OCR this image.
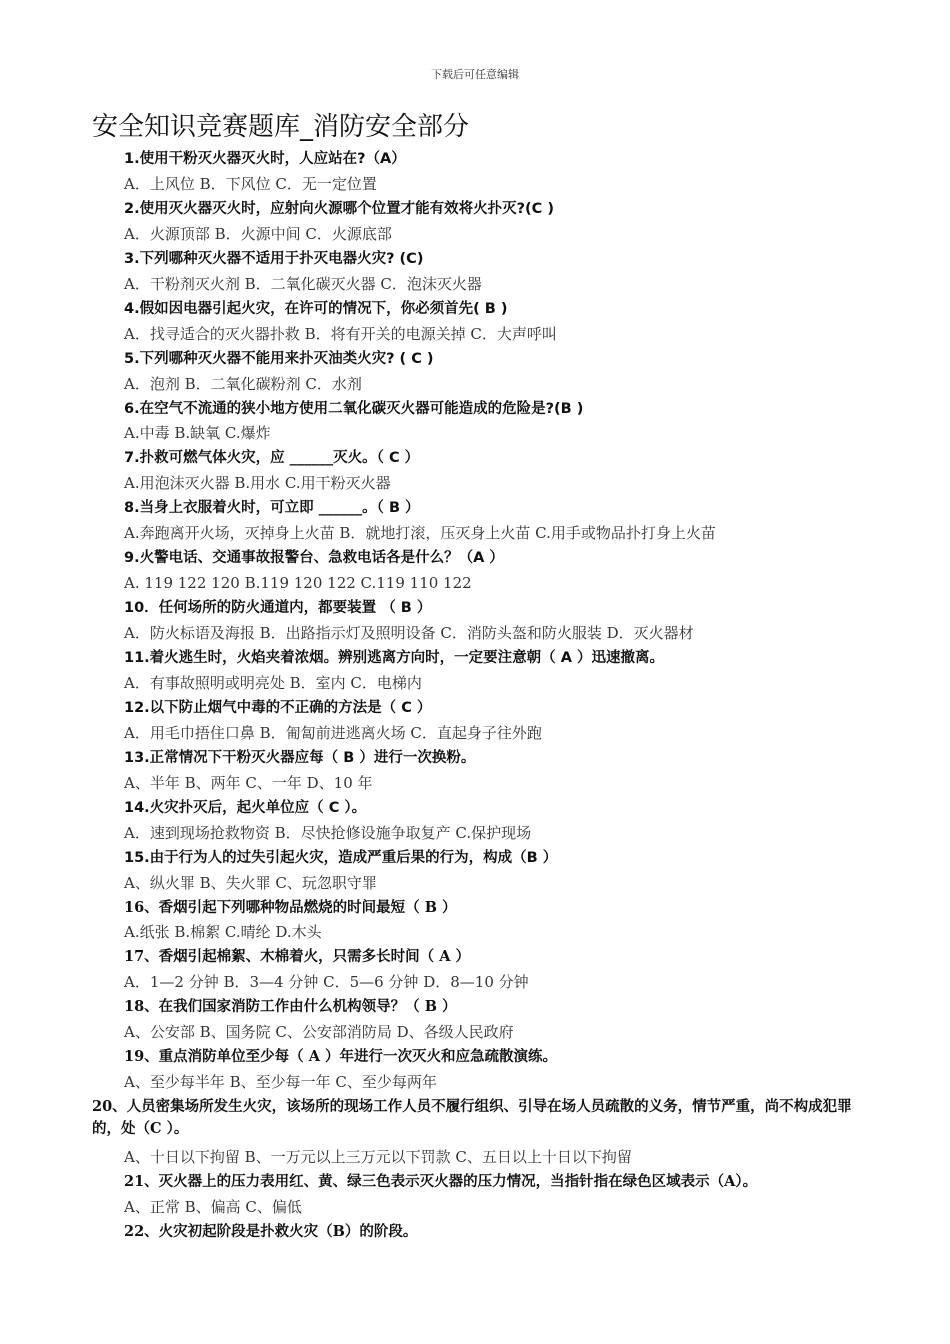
下载后可任意编辑
安全知识竞赛题库_消防安全部分
1.使用干粉灭火器灭火时，人应站在?（A）
A．上风位 B．下风位 C．无一定位置
2.使用灭火器灭火时，应射向火源哪个位置才能有效将火扑灭?(C )
A．火源顶部 B．火源中间 C．火源底部
3.下列哪种灭火器不适用于扑灭电器火灾? (C)
A．干粉剂灭火剂 B．二氧化碳灭火器 C．泡沫灭火器
4.假如因电器引起火灾，在许可的情况下，你必须首先( B )
A．找寻适合的灭火器扑救 B．将有开关的电源关掉 C．大声呼叫
5.下列哪种灭火器不能用来扑灭油类火灾? ( C )
A．泡剂 B．二氧化碳粉剂 C．水剂
6.在空气不流通的狭小地方使用二氧化碳灭火器可能造成的危险是?(B )
A.中毒 B.缺氧 C.爆炸
7.扑救可燃气体火灾，应 ______灭火。（ C ）
A.用泡沫灭火器 B.用水 C.用干粉灭火器
8.当身上衣服着火时，可立即 ______。（ B ）
A.奔跑离开火场，灭掉身上火苗 B．就地打滚，压灭身上火苗 C.用手或物品扑打身上火苗
9.火警电话、交通事故报警台、急救电话各是什么？（A ）
A. 119 122 120 B.119 120 122 C.119 110 122
10．任何场所的防火通道内，都要装置 （ B ）
A．防火标语及海报 B．出路指示灯及照明设备 C．消防头盔和防火服装 D．灭火器材
11.着火逃生时，火焰夹着浓烟。辨别逃离方向时，一定要注意朝（ A ）迅速撤离。
A．有事故照明或明亮处 B．室内 C．电梯内
12.以下防止烟气中毒的不正确的方法是（ C ）
A．用毛巾捂住口鼻 B．匍匐前进逃离火场 C．直起身子往外跑
13.正常情况下干粉灭火器应每（ B ）进行一次换粉。
A、半年 B、两年 C、一年 D、10 年
14.火灾扑灭后，起火单位应（ C ）。
A．速到现场抢救物资 B．尽快抢修设施争取复产 C.保护现场
15.由于行为人的过失引起火灾，造成严重后果的行为，构成（B ）
A、纵火罪 B、失火罪 C、玩忽职守罪
16、香烟引起下列哪种物品燃烧的时间最短（ B ）
A.纸张 B.棉絮 C.晴纶 D.木头
17、香烟引起棉絮、木棉着火，只需多长时间（ A ）
A．1—2 分钟 B．3—4 分钟 C．5—6 分钟 D．8—10 分钟
18、在我们国家消防工作由什么机构领导？（ B ）
A、公安部 B、国务院 C、公安部消防局 D、各级人民政府
19、重点消防单位至少每（ A ）年进行一次灭火和应急疏散演练。
A、至少每半年 B、至少每一年 C、至少每两年
20、人员密集场所发生火灾，该场所的现场工作人员不履行组织、引导在场人员疏散的义务，情节严重，尚不构成犯罪的，处（C ）。
A、十日以下拘留 B、一万元以上三万元以下罚款 C、五日以上十日以下拘留
21、灭火器上的压力表用红、黄、绿三色表示灭火器的压力情况，当指针指在绿色区域表示（A）。
A、正常 B、偏高 C、偏低
22、火灾初起阶段是扑救火灾（B）的阶段。
